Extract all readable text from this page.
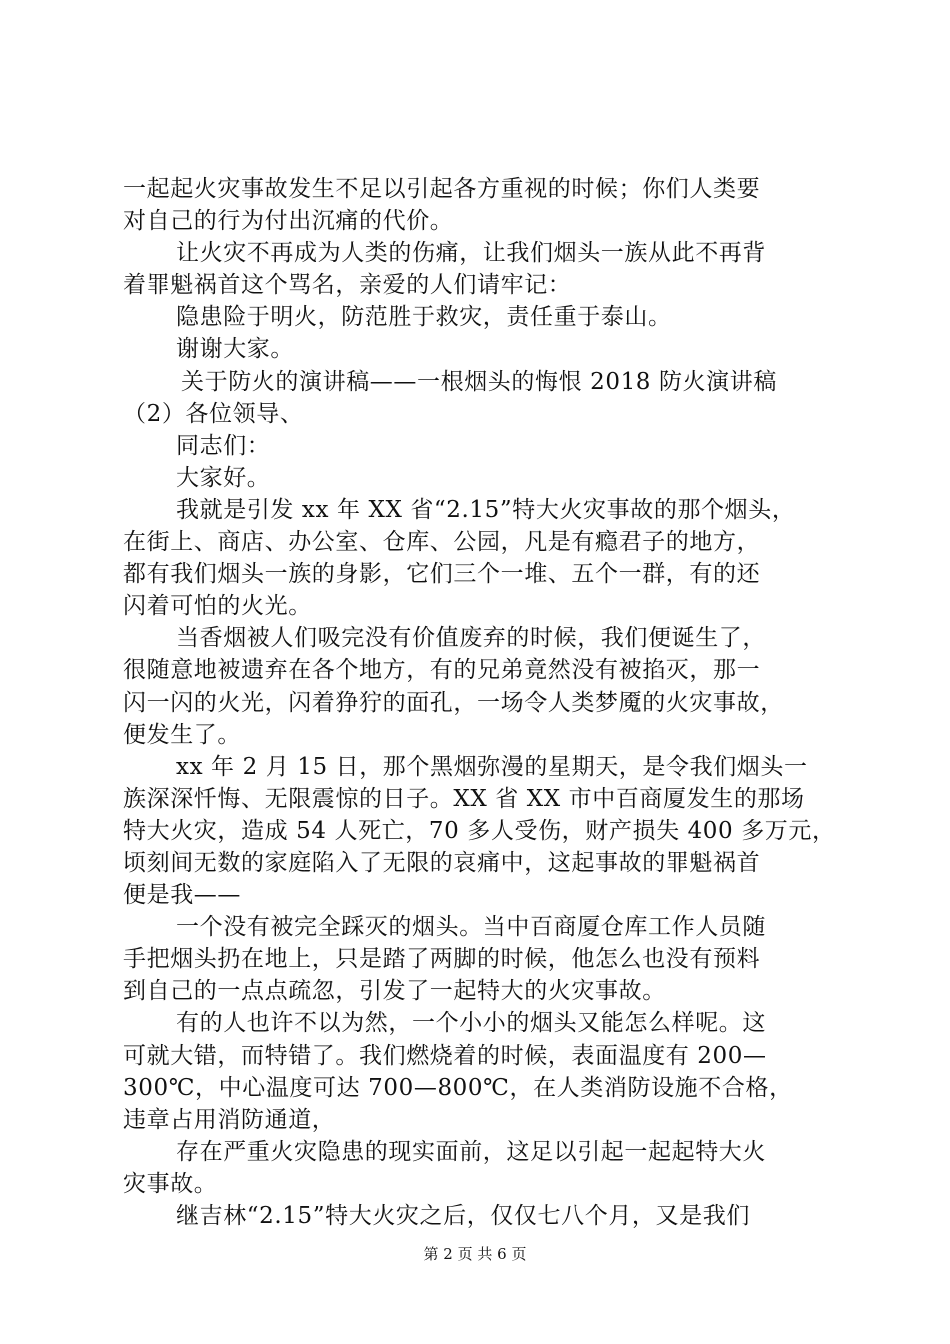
一起起火灾事故发生不足以引起各方重视的时候；你们人类要
对自己的行为付出沉痛的代价。
让火灾不再成为人类的伤痛，让我们烟头一族从此不再背
着罪魁祸首这个骂名，亲爱的人们请牢记：
隐患险于明火，防范胜于救灾，责任重于泰山。
谢谢大家。
关于防火的演讲稿——一根烟头的悔恨 2018 防火演讲稿
（2）各位领导、
同志们：
大家好。
我就是引发 xx 年 XX 省“2.15”特大火灾事故的那个烟头，
在街上、商店、办公室、仓库、公园，凡是有瘾君子的地方，
都有我们烟头一族的身影，它们三个一堆、五个一群，有的还
闪着可怕的火光。
当香烟被人们吸完没有价值废弃的时候，我们便诞生了，
很随意地被遗弃在各个地方，有的兄弟竟然没有被掐灭，那一
闪一闪的火光，闪着狰狞的面孔，一场令人类梦魇的火灾事故，
便发生了。
xx 年 2 月 15 日，那个黑烟弥漫的星期天，是令我们烟头一
族深深忏悔、无限震惊的日子。XX 省 XX 市中百商厦发生的那场
特大火灾，造成 54 人死亡，70 多人受伤，财产损失 400 多万元，
顷刻间无数的家庭陷入了无限的哀痛中，这起事故的罪魁祸首
便是我——
一个没有被完全踩灭的烟头。当中百商厦仓库工作人员随
手把烟头扔在地上，只是踏了两脚的时候，他怎么也没有预料
到自己的一点点疏忽，引发了一起特大的火灾事故。
有的人也许不以为然，一个小小的烟头又能怎么样呢。这
可就大错，而特错了。我们燃烧着的时候，表面温度有 200—
300℃，中心温度可达 700—800℃，在人类消防设施不合格，
违章占用消防通道，
存在严重火灾隐患的现实面前，这足以引起一起起特大火
灾事故。
继吉林“2.15”特大火灾之后，仅仅七八个月，又是我们
第 2 页 共 6 页
